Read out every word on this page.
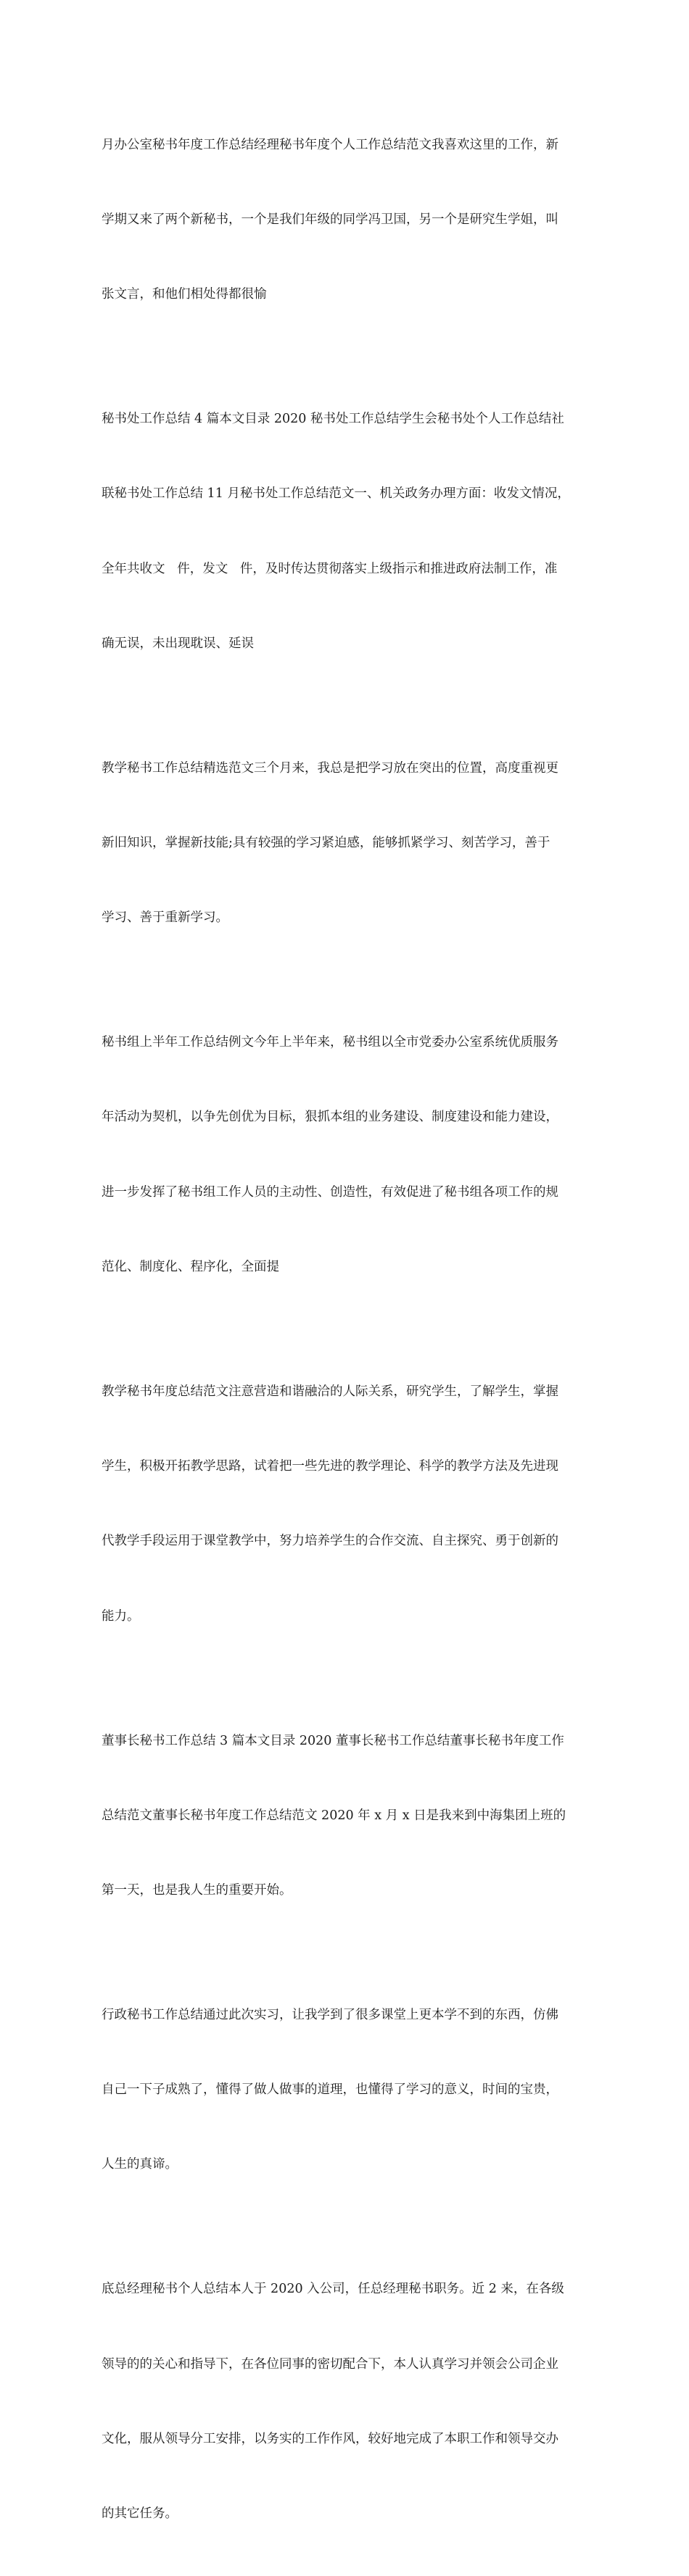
月办公室秘书年度工作总结经理秘书年度个人工作总结范文我喜欢这里的工作，新

学期又来了两个新秘书，一个是我们年级的同学冯卫国，另一个是研究生学姐，叫

张文言，和他们相处得都很愉

秘书处工作总结 4 篇本文目录 2020 秘书处工作总结学生会秘书处个人工作总结社

联秘书处工作总结 11 月秘书处工作总结范文一、机关政务办理方面：收发文情况，

全年共收文   件，发文   件，及时传达贯彻落实上级指示和推进政府法制工作，准

确无误，未出现耽误、延误

教学秘书工作总结精选范文三个月来，我总是把学习放在突出的位置，高度重视更

新旧知识，掌握新技能;具有较强的学习紧迫感，能够抓紧学习、刻苦学习，善于

学习、善于重新学习。

秘书组上半年工作总结例文今年上半年来，秘书组以全市党委办公室系统优质服务

年活动为契机，以争先创优为目标，狠抓本组的业务建设、制度建设和能力建设，

进一步发挥了秘书组工作人员的主动性、创造性，有效促进了秘书组各项工作的规

范化、制度化、程序化，全面提

教学秘书年度总结范文注意营造和谐融洽的人际关系，研究学生，了解学生，掌握

学生，积极开拓教学思路，试着把一些先进的教学理论、科学的教学方法及先进现

代教学手段运用于课堂教学中，努力培养学生的合作交流、自主探究、勇于创新的

能力。

董事长秘书工作总结 3 篇本文目录 2020 董事长秘书工作总结董事长秘书年度工作

总结范文董事长秘书年度工作总结范文 2020 年 x 月 x 日是我来到中海集团上班的

第一天，也是我人生的重要开始。

行政秘书工作总结通过此次实习，让我学到了很多课堂上更本学不到的东西，仿佛

自己一下子成熟了，懂得了做人做事的道理，也懂得了学习的意义，时间的宝贵，

人生的真谛。

底总经理秘书个人总结本人于 2020 入公司，任总经理秘书职务。近 2 来，在各级

领导的的关心和指导下，在各位同事的密切配合下，本人认真学习并领会公司企业

文化，服从领导分工安排，以务实的工作作风，较好地完成了本职工作和领导交办

的其它任务。
